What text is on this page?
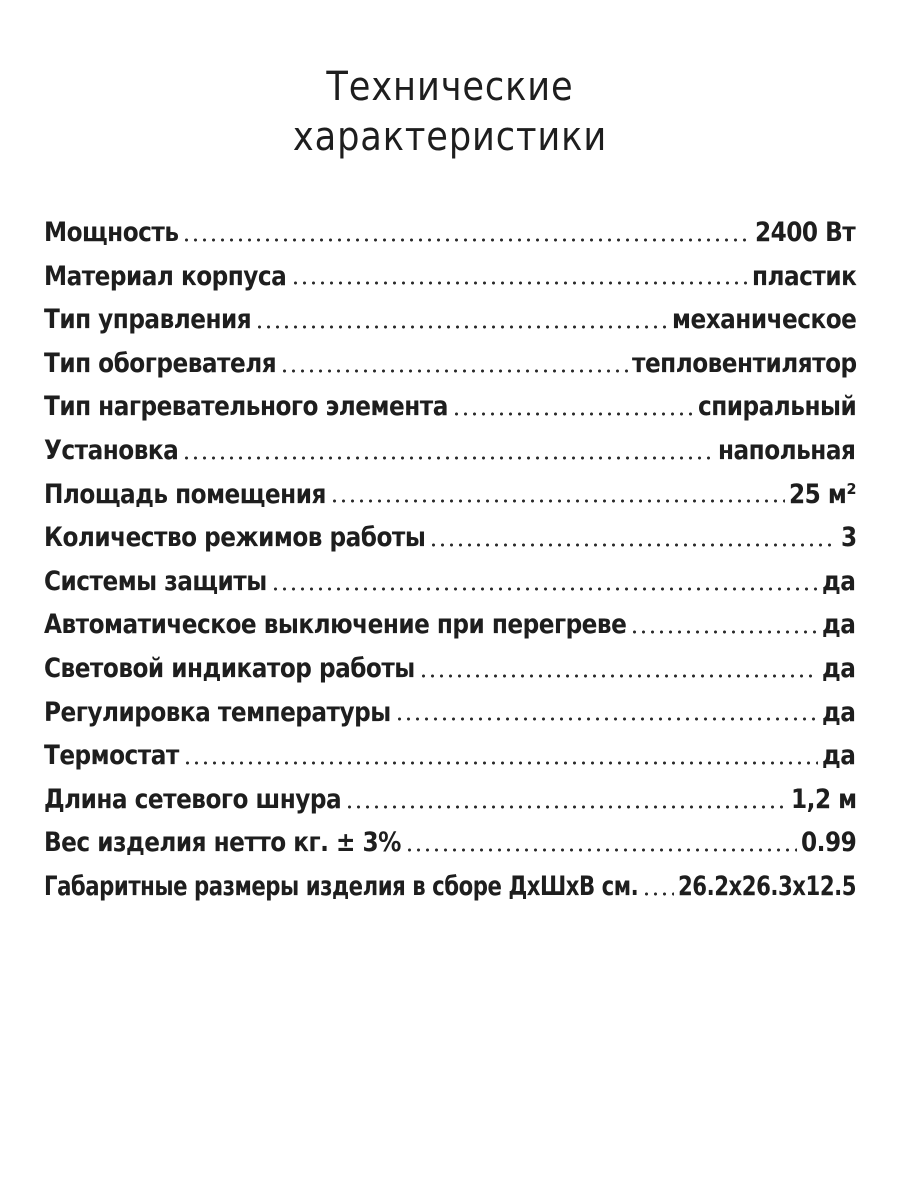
Технические
характеристики
Мощность	2400 Вт
Материал корпуса	пластик
Тип управления	механическое
Тип обогревателя	тепловентилятор
Тип нагревательного элемента	спиральный
Установка	напольная
Площадь помещения	25 м²
Количество режимов работы	3
Системы защиты	да
Автоматическое выключение при перегреве	да
Световой индикатор работы	да
Регулировка температуры	да
Термостат	да
Длина сетевого шнура	1,2 м
Вес изделия нетто кг. ± 3%	0.99
Габаритные размеры изделия в сборе ДхШхВ см. 26.2х26.3х12.5
